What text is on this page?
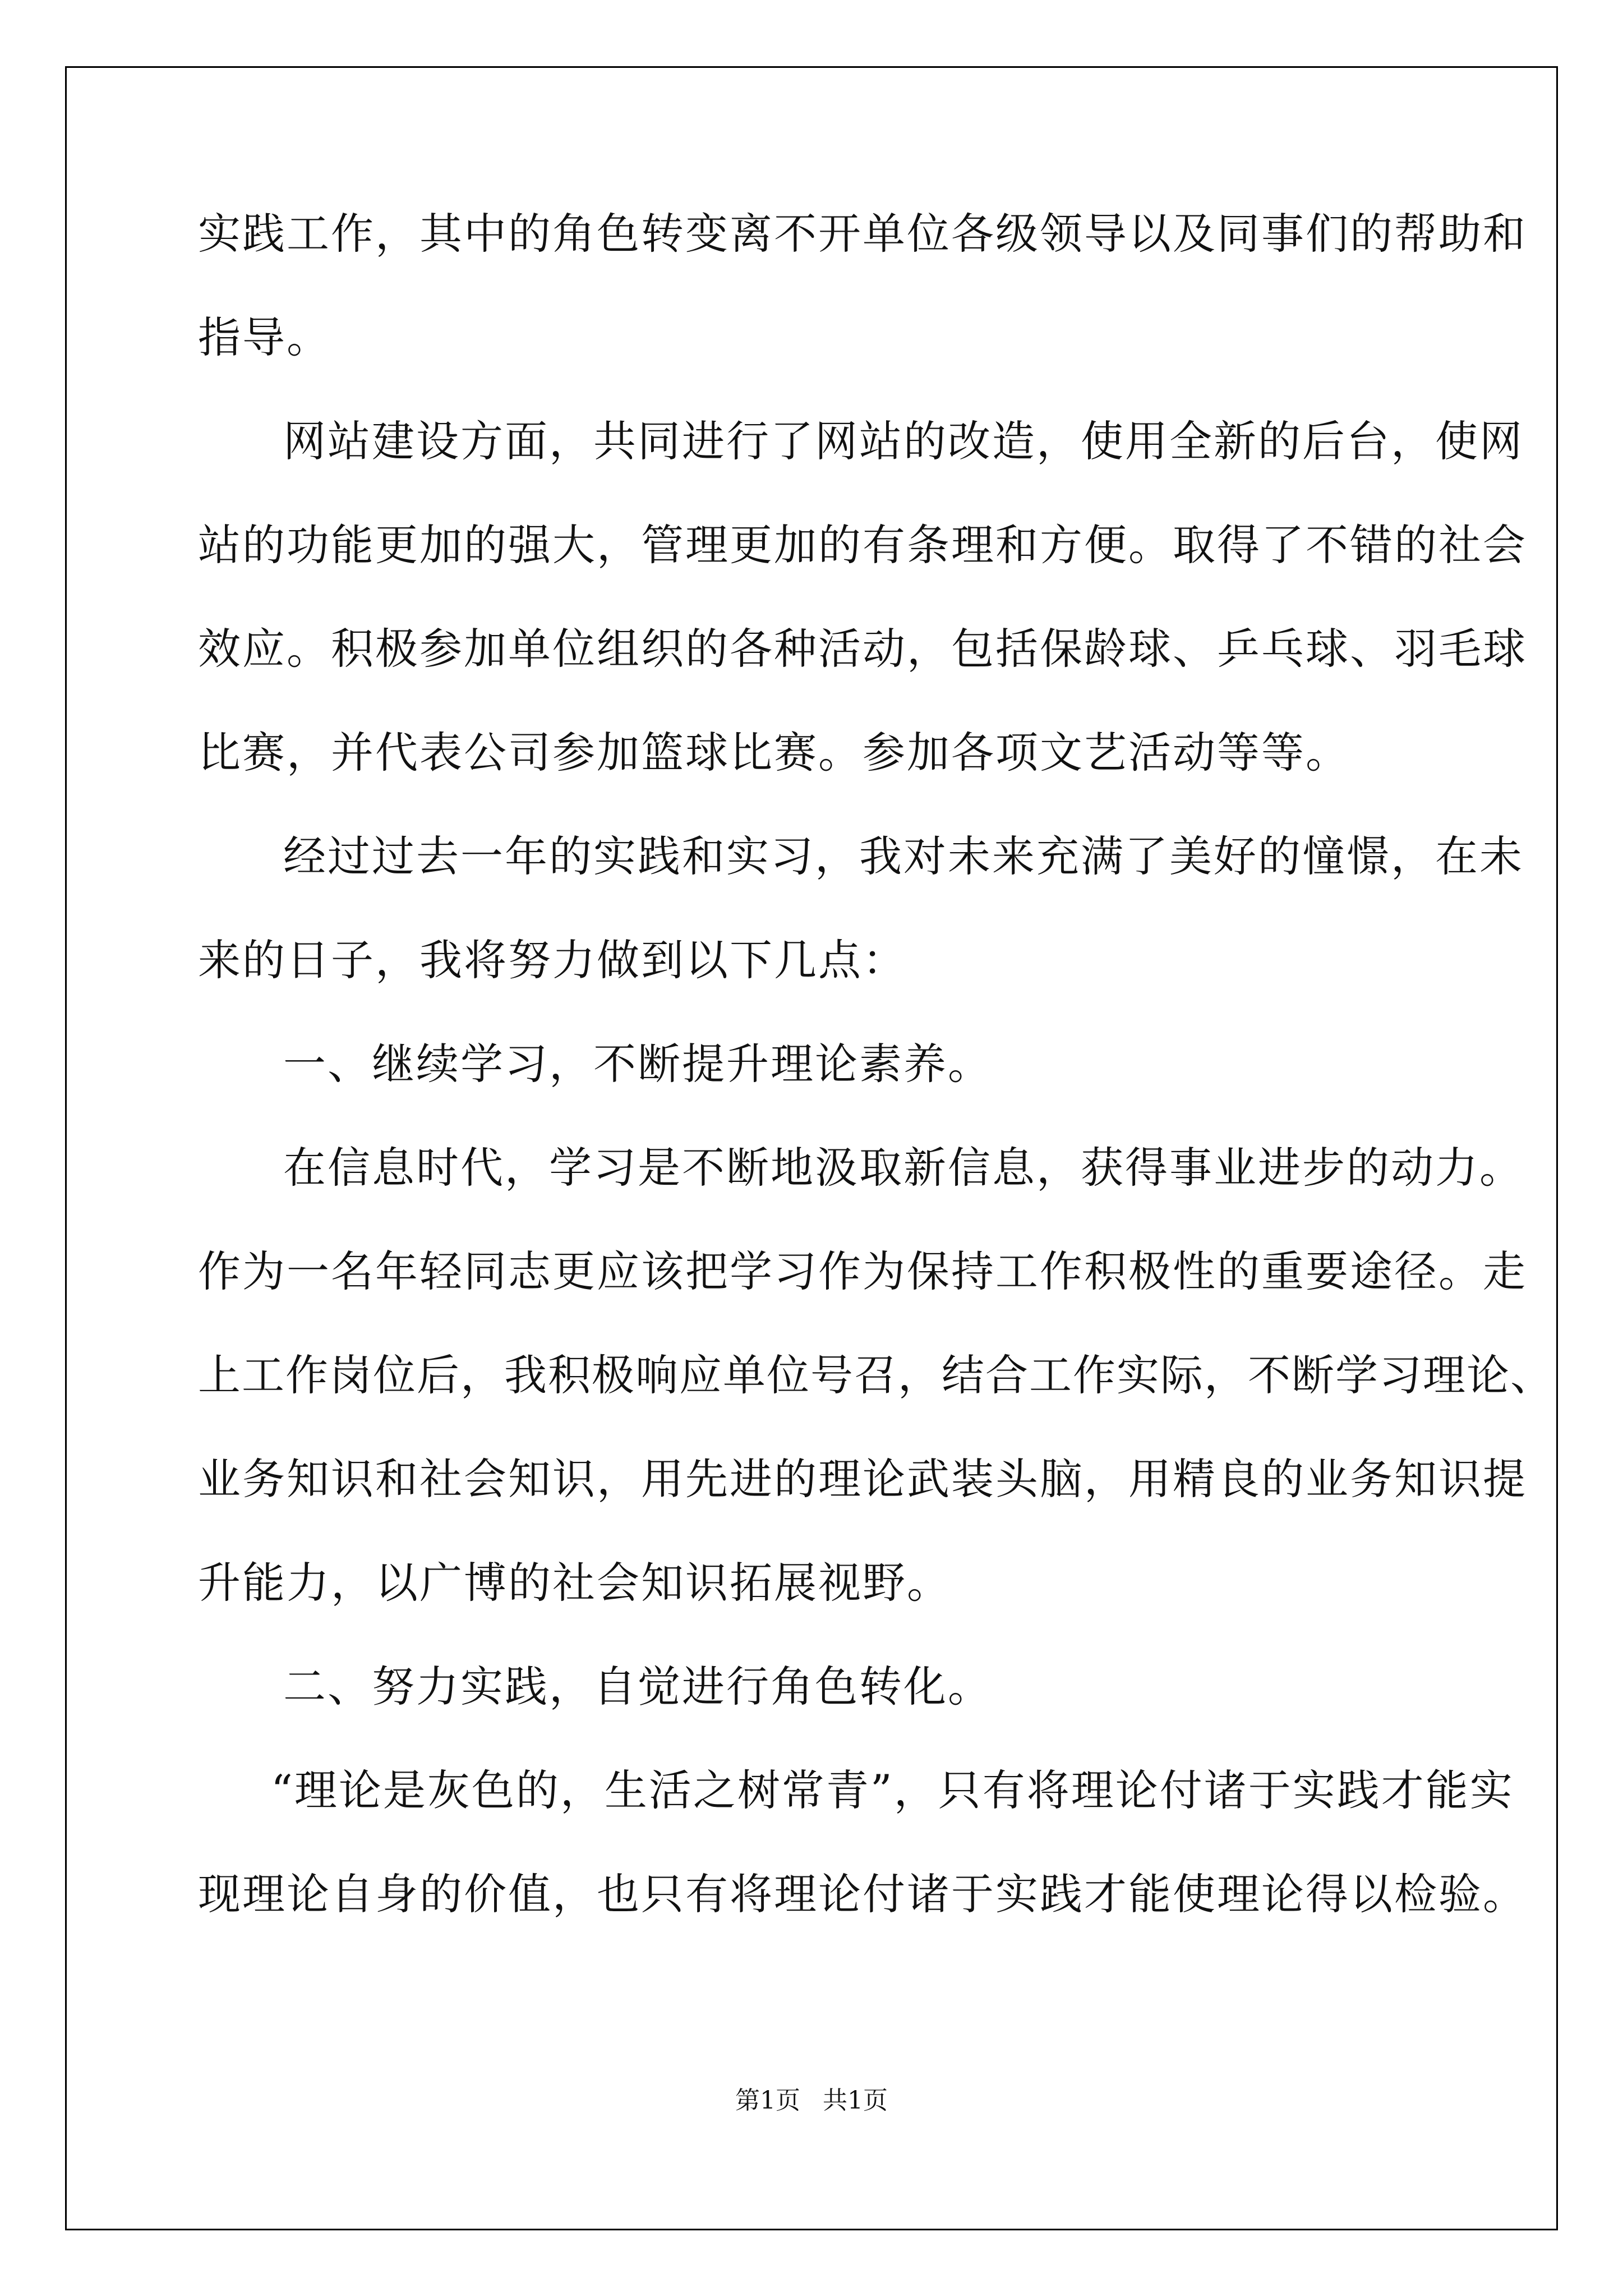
实践工作，其中的角色转变离不开单位各级领导以及同事们的帮助和
指导。
网站建设方面，共同进行了网站的改造，使用全新的后台，使网
站的功能更加的强大，管理更加的有条理和方便。取得了不错的社会
效应。积极参加单位组织的各种活动，包括保龄球、乒乓球、羽毛球
比赛，并代表公司参加篮球比赛。参加各项文艺活动等等。
经过过去一年的实践和实习，我对未来充满了美好的憧憬，在未
来的日子，我将努力做到以下几点：
一、继续学习，不断提升理论素养。
在信息时代，学习是不断地汲取新信息，获得事业进步的动力。
作为一名年轻同志更应该把学习作为保持工作积极性的重要途径。走
上工作岗位后，我积极响应单位号召，结合工作实际，不断学习理论、
业务知识和社会知识，用先进的理论武装头脑，用精良的业务知识提
升能力，以广博的社会知识拓展视野。
二、努力实践，自觉进行角色转化。
“理论是灰色的，生活之树常青”，只有将理论付诸于实践才能实
现理论自身的价值，也只有将理论付诸于实践才能使理论得以检验。
第1页 共1页
